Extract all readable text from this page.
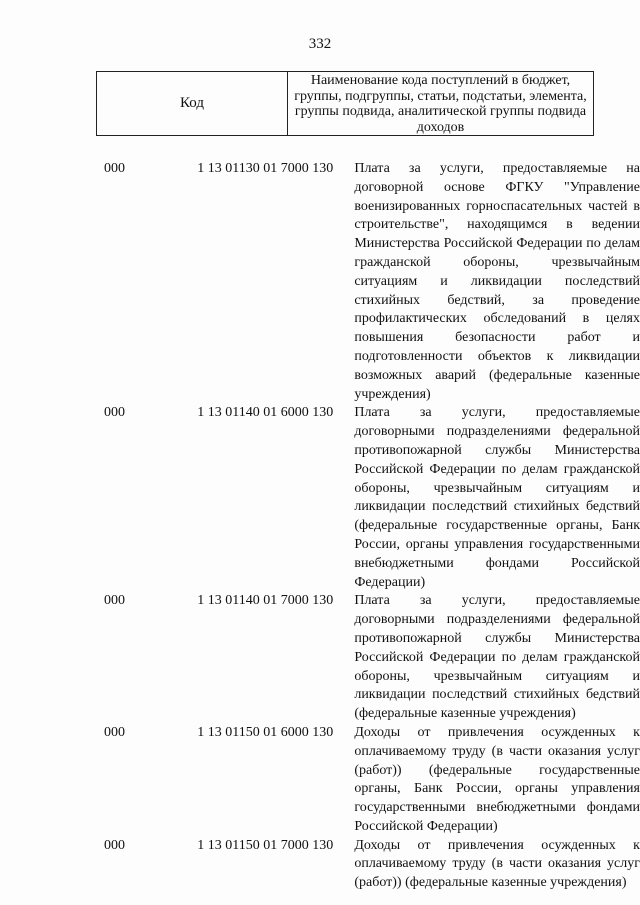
332
Код
Наименование кода поступлений в бюджет, группы, подгруппы, статьи, подстатьи, элемента, группы подвида, аналитической группы подвида доходов
000	1 13 01130 01 7000 130	Плата за услуги, предоставляемые на договорной основе ФГКУ "Управление военизированных горноспасательных частей в строительстве", находящимся в ведении Министерства Российской Федерации по делам гражданской обороны, чрезвычайным ситуациям и ликвидации последствий стихийных бедствий, за проведение профилактических обследований в целях повышения безопасности работ и подготовленности объектов к ликвидации возможных аварий (федеральные казенные учреждения)
000	1 13 01140 01 6000 130	Плата за услуги, предоставляемые договорными подразделениями федеральной противопожарной службы Министерства Российской Федерации по делам гражданской обороны, чрезвычайным ситуациям и ликвидации последствий стихийных бедствий (федеральные государственные органы, Банк России, органы управления государственными внебюджетными фондами Российской Федерации)
000	1 13 01140 01 7000 130	Плата за услуги, предоставляемые договорными подразделениями федеральной противопожарной службы Министерства Российской Федерации по делам гражданской обороны, чрезвычайным ситуациям и ликвидации последствий стихийных бедствий (федеральные казенные учреждения)
000	1 13 01150 01 6000 130	Доходы от привлечения осужденных к оплачиваемому труду (в части оказания услуг (работ)) (федеральные государственные органы, Банк России, органы управления государственными внебюджетными фондами Российской Федерации)
000	1 13 01150 01 7000 130	Доходы от привлечения осужденных к оплачиваемому труду (в части оказания услуг (работ)) (федеральные казенные учреждения)
